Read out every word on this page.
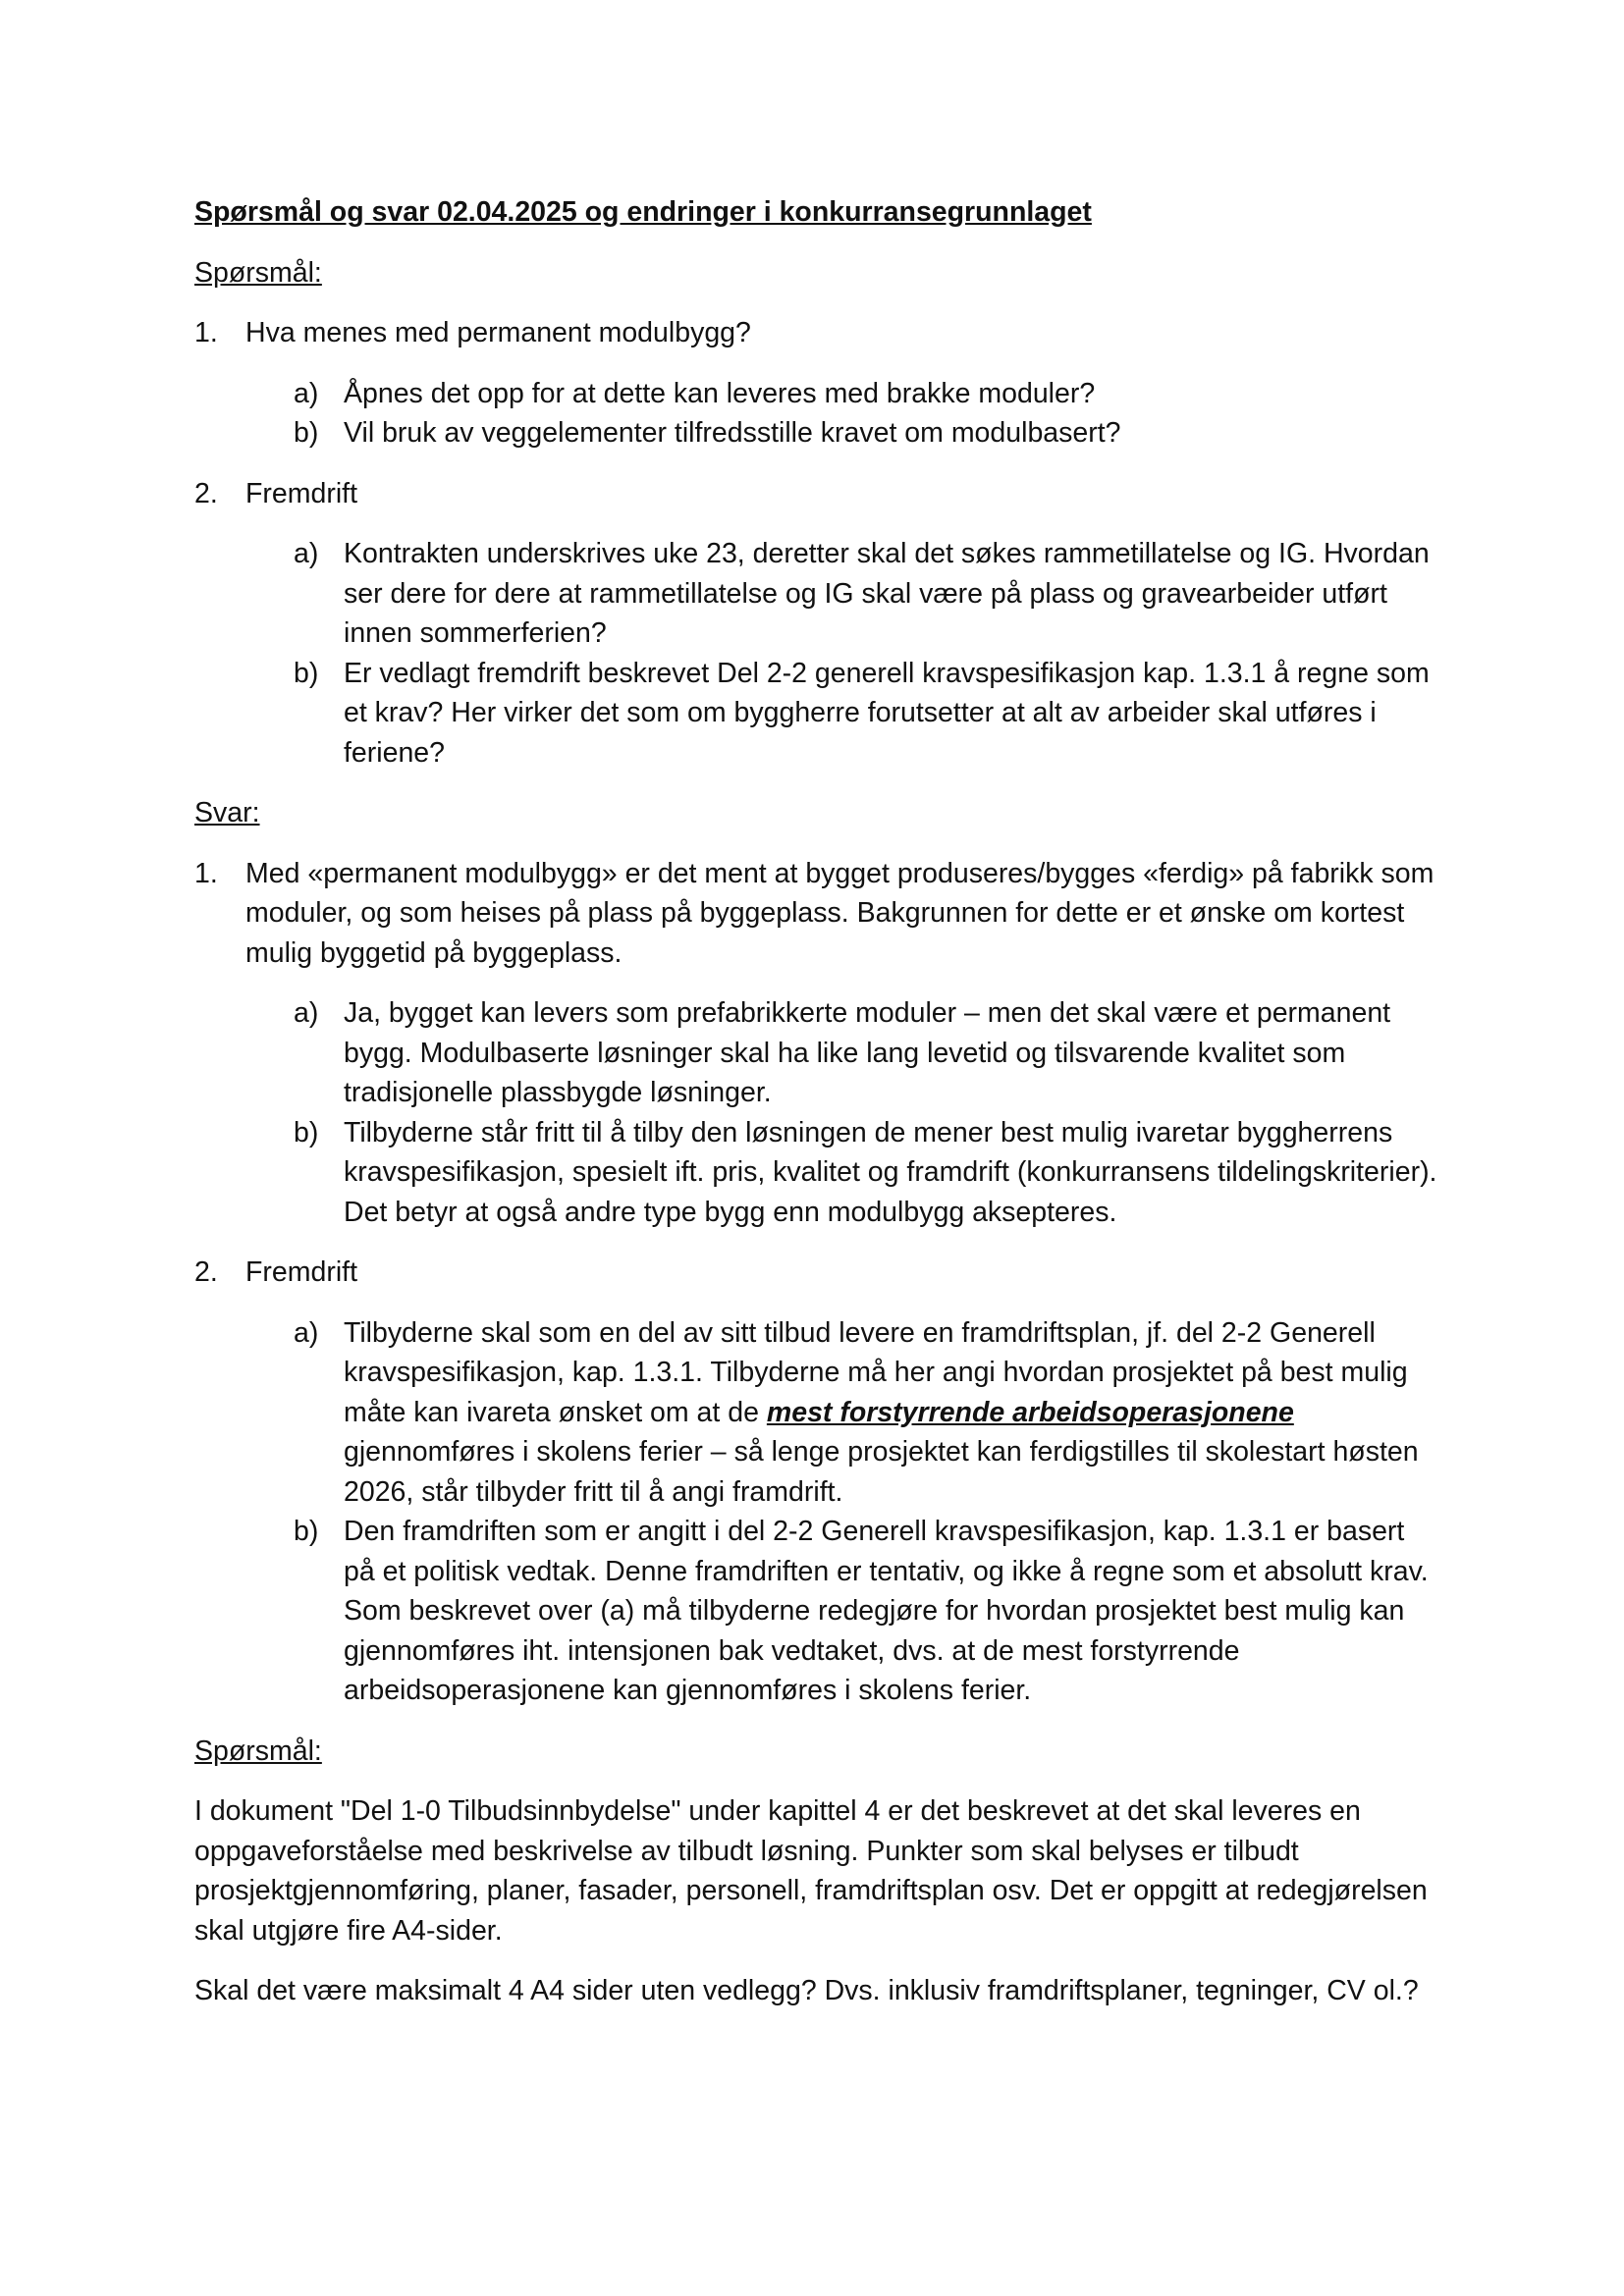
Spørsmål og svar 02.04.2025 og endringer i konkurransegrunnlaget
Spørsmål:
1. Hva menes med permanent modulbygg?
a) Åpnes det opp for at dette kan leveres med brakke moduler?
b) Vil bruk av veggelementer tilfredsstille kravet om modulbasert?
2. Fremdrift
a) Kontrakten underskrives uke 23, deretter skal det søkes rammetillatelse og IG. Hvordan ser dere for dere at rammetillatelse og IG skal være på plass og gravearbeider utført innen sommerferien?
b) Er vedlagt fremdrift beskrevet Del 2-2 generell kravspesifikasjon kap. 1.3.1 å regne som et krav? Her virker det som om byggherre forutsetter at alt av arbeider skal utføres i feriene?
Svar:
1. Med «permanent modulbygg» er det ment at bygget produseres/bygges «ferdig» på fabrikk som moduler, og som heises på plass på byggeplass. Bakgrunnen for dette er et ønske om kortest mulig byggetid på byggeplass.
a) Ja, bygget kan levers som prefabrikkerte moduler – men det skal være et permanent bygg. Modulbaserte løsninger skal ha like lang levetid og tilsvarende kvalitet som tradisjonelle plassbygde løsninger.
b) Tilbyderne står fritt til å tilby den løsningen de mener best mulig ivaretar byggherrens kravspesifikasjon, spesielt ift. pris, kvalitet og framdrift (konkurransens tildelingskriterier). Det betyr at også andre type bygg enn modulbygg aksepteres.
2. Fremdrift
a) Tilbyderne skal som en del av sitt tilbud levere en framdriftsplan, jf. del 2-2 Generell kravspesifikasjon, kap. 1.3.1. Tilbyderne må her angi hvordan prosjektet på best mulig måte kan ivareta ønsket om at de mest forstyrrende arbeidsoperasjonene gjennomføres i skolens ferier – så lenge prosjektet kan ferdigstilles til skolestart høsten 2026, står tilbyder fritt til å angi framdrift.
b) Den framdriften som er angitt i del 2-2 Generell kravspesifikasjon, kap. 1.3.1 er basert på et politisk vedtak. Denne framdriften er tentativ, og ikke å regne som et absolutt krav. Som beskrevet over (a) må tilbyderne redegjøre for hvordan prosjektet best mulig kan gjennomføres iht. intensjonen bak vedtaket, dvs. at de mest forstyrrende arbeidsoperasjonene kan gjennomføres i skolens ferier.
Spørsmål:
I dokument "Del 1-0 Tilbudsinnbydelse" under kapittel 4 er det beskrevet at det skal leveres en oppgaveforståelse med beskrivelse av tilbudt løsning. Punkter som skal belyses er tilbudt prosjektgjennomføring, planer, fasader, personell, framdriftsplan osv. Det er oppgitt at redegjørelsen skal utgjøre fire A4-sider.
Skal det være maksimalt 4 A4 sider uten vedlegg? Dvs. inklusiv framdriftsplaner, tegninger, CV ol.?
